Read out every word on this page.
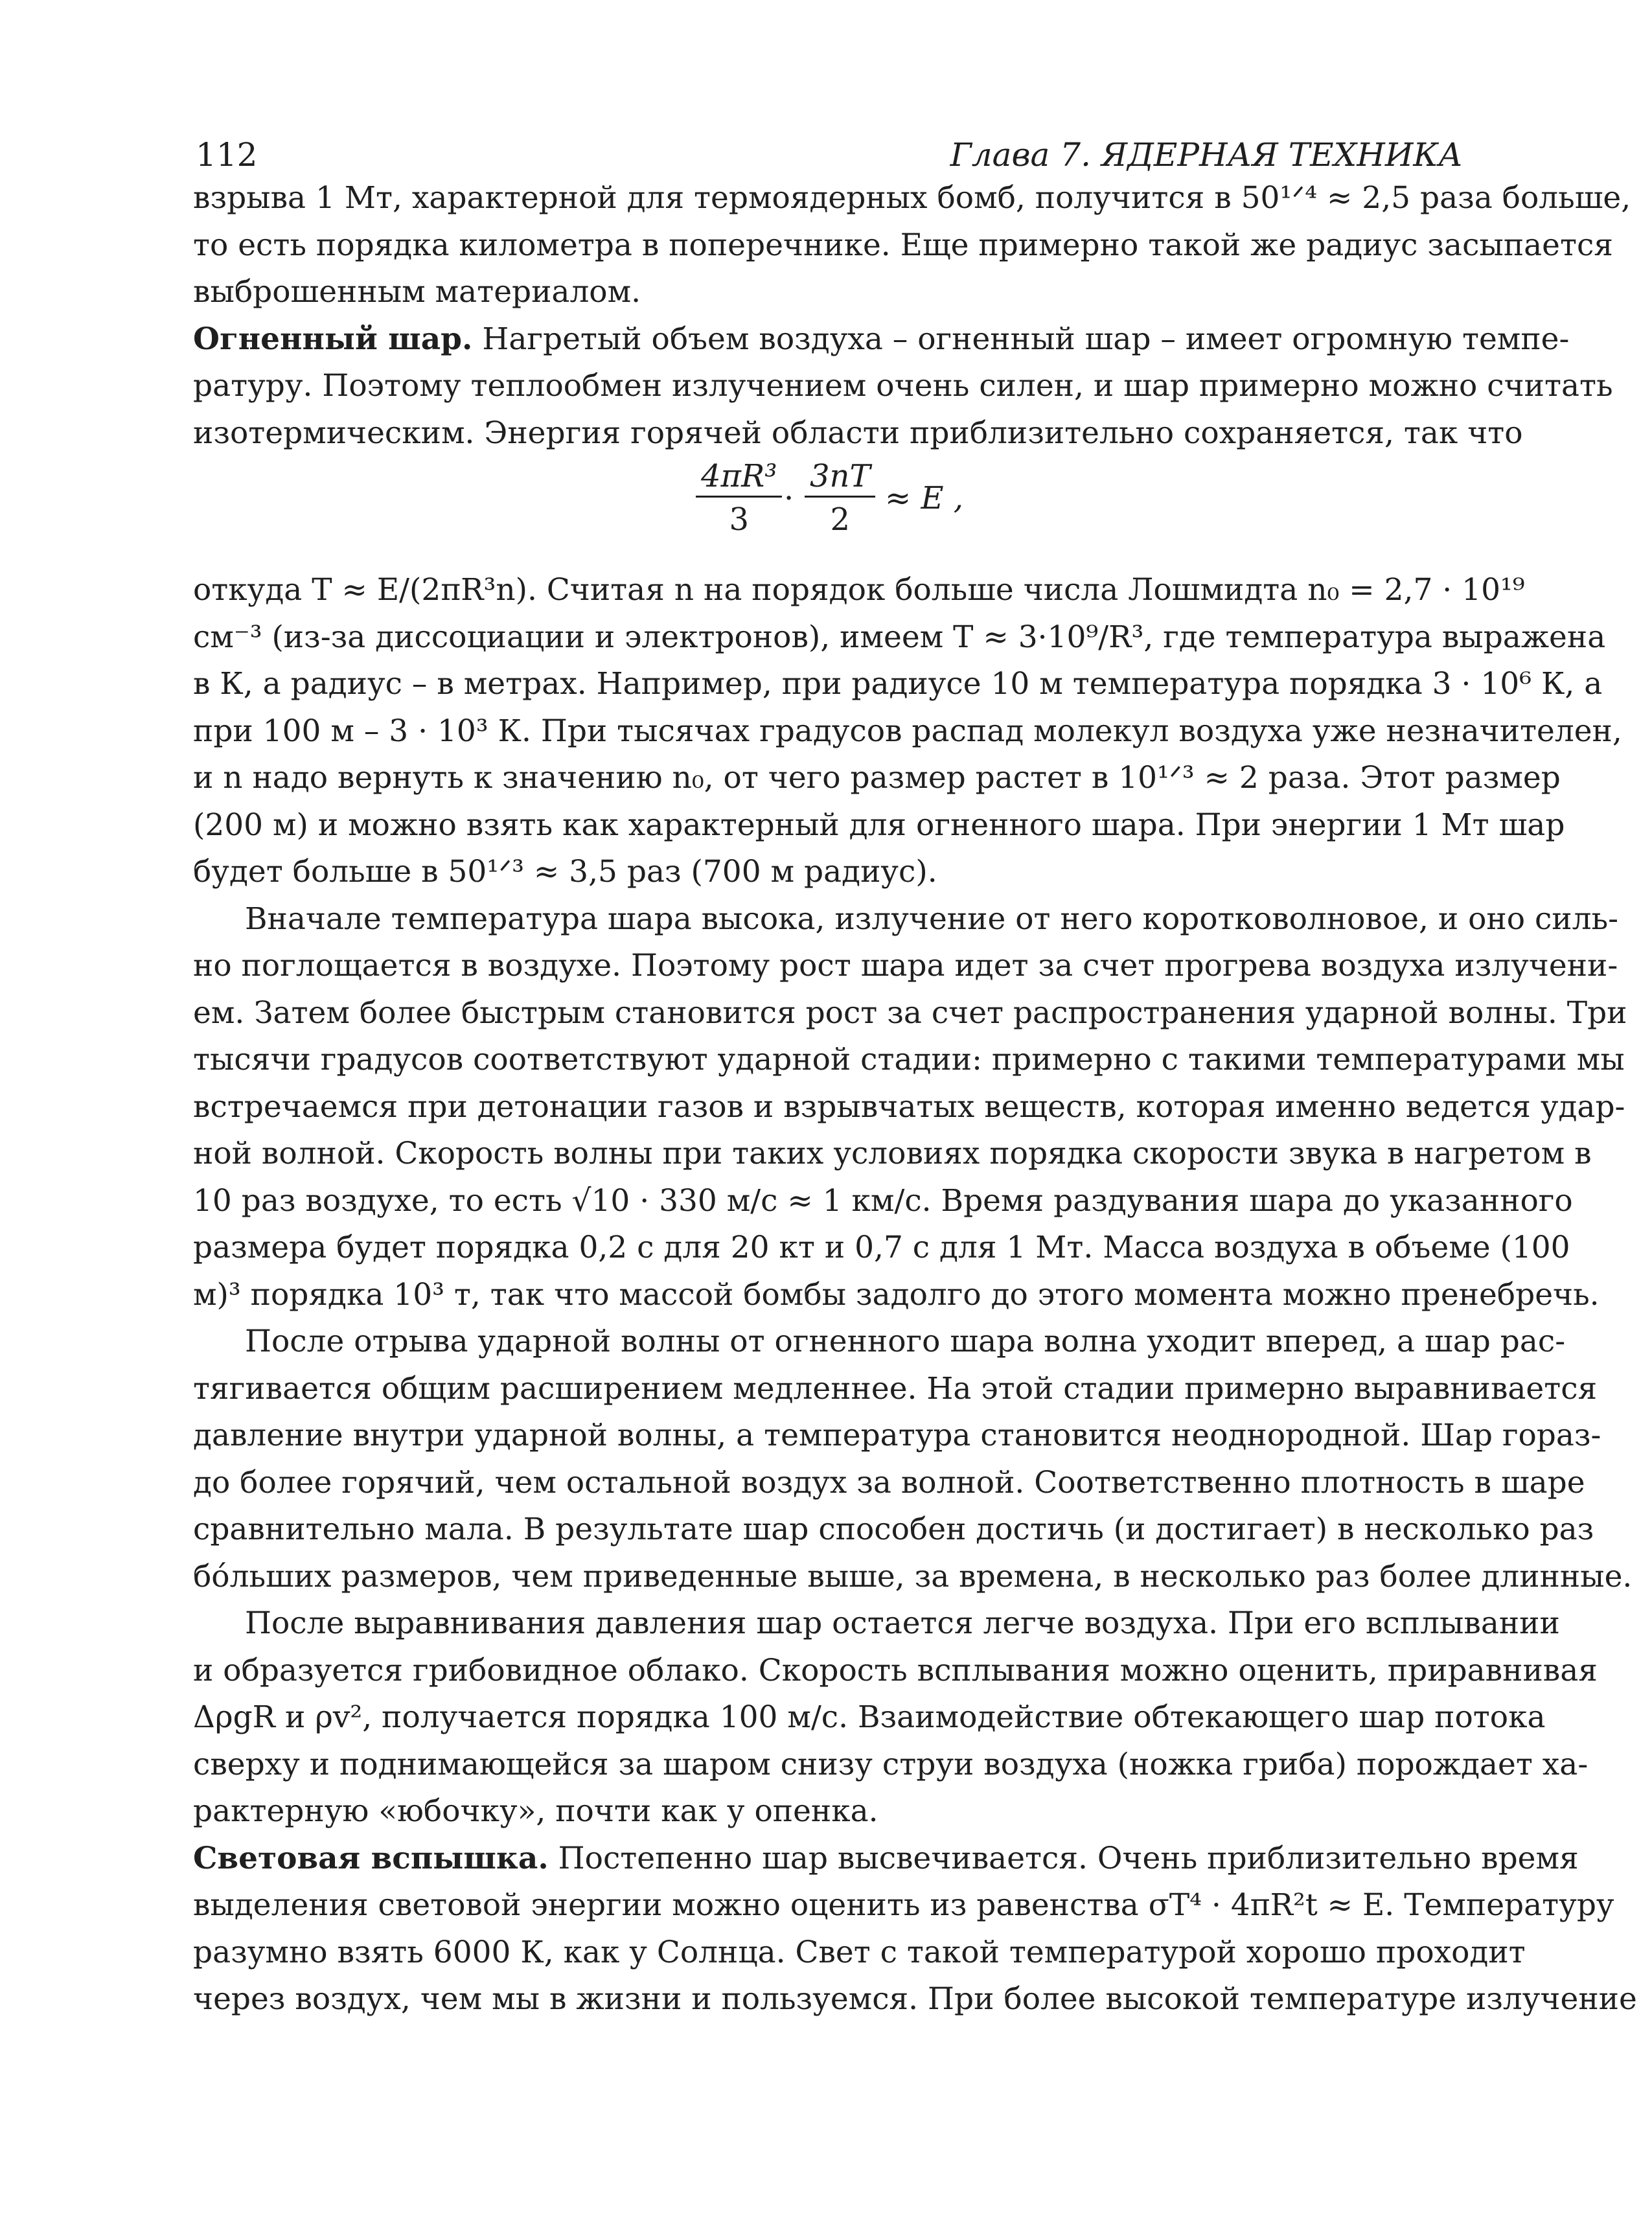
112	Глава 7. ЯДЕРНАЯ ТЕХНИКА
взрыва 1 Мт, характерной для термоядерных бомб, получится в 50¹ᐟ⁴ ≈ 2,5 раза больше,
то есть порядка километра в поперечнике. Еще примерно такой же радиус засыпается
выброшенным материалом.
Огненный шар. Нагретый объем воздуха – огненный шар – имеет огромную темпе-
ратуру. Поэтому теплообмен излучением очень силен, и шар примерно можно считать
изотермическим. Энергия горячей области приблизительно сохраняется, так что
$\frac{\text{4πR³}}{3} \cdot \frac{3nT}{2} \approx E$ ,
откуда T ≈ E/(2πR³n). Считая n на порядок больше числа Лошмидта n₀ = 2,7 · 10¹⁹
см⁻³ (из-за диссоциации и электронов), имеем T ≈ 3·10⁹/R³, где температура выражена
в К, а радиус – в метрах. Например, при радиусе 10 м температура порядка 3 · 10⁶ К, а
при 100 м – 3 · 10³ К. При тысячах градусов распад молекул воздуха уже незначителен,
и n надо вернуть к значению n₀, от чего размер растет в 10¹ᐟ³ ≈ 2 раза. Этот размер
(200 м) и можно взять как характерный для огненного шара. При энергии 1 Мт шар
будет больше в 50¹ᐟ³ ≈ 3,5 раз (700 м радиус).
Вначале температура шара высока, излучение от него коротковолновое, и оно силь-
но поглощается в воздухе. Поэтому рост шара идет за счет прогрева воздуха излучени-
ем. Затем более быстрым становится рост за счет распространения ударной волны. Три
тысячи градусов соответствуют ударной стадии: примерно с такими температурами мы
встречаемся при детонации газов и взрывчатых веществ, которая именно ведется удар-
ной волной. Скорость волны при таких условиях порядка скорости звука в нагретом в
10 раз воздухе, то есть √10 · 330 м/с ≈ 1 км/с. Время раздувания шара до указанного
размера будет порядка 0,2 с для 20 кт и 0,7 с для 1 Мт. Масса воздуха в объеме (100
м)³ порядка 10³ т, так что массой бомбы задолго до этого момента можно пренебречь.
После отрыва ударной волны от огненного шара волна уходит вперед, а шар рас-
тягивается общим расширением медленнее. На этой стадии примерно выравнивается
давление внутри ударной волны, а температура становится неоднородной. Шар гораз-
до более горячий, чем остальной воздух за волной. Соответственно плотность в шаре
сравнительно мала. В результате шар способен достичь (и достигает) в несколько раз
бóльших размеров, чем приведенные выше, за времена, в несколько раз более длинные.
После выравнивания давления шар остается легче воздуха. При его всплывании
и образуется грибовидное облако. Скорость всплывания можно оценить, приравнивая
ΔρgR и ρv², получается порядка 100 м/с. Взаимодействие обтекающего шар потока
сверху и поднимающейся за шаром снизу струи воздуха (ножка гриба) порождает ха-
рактерную «юбочку», почти как у опенка.
Световая вспышка. Постепенно шар высвечивается. Очень приблизительно время
выделения световой энергии можно оценить из равенства σT⁴ · 4πR²t ≈ E. Температуру
разумно взять 6000 К, как у Солнца. Свет с такой температурой хорошо проходит
через воздух, чем мы в жизни и пользуемся. При более высокой температуре излучение
